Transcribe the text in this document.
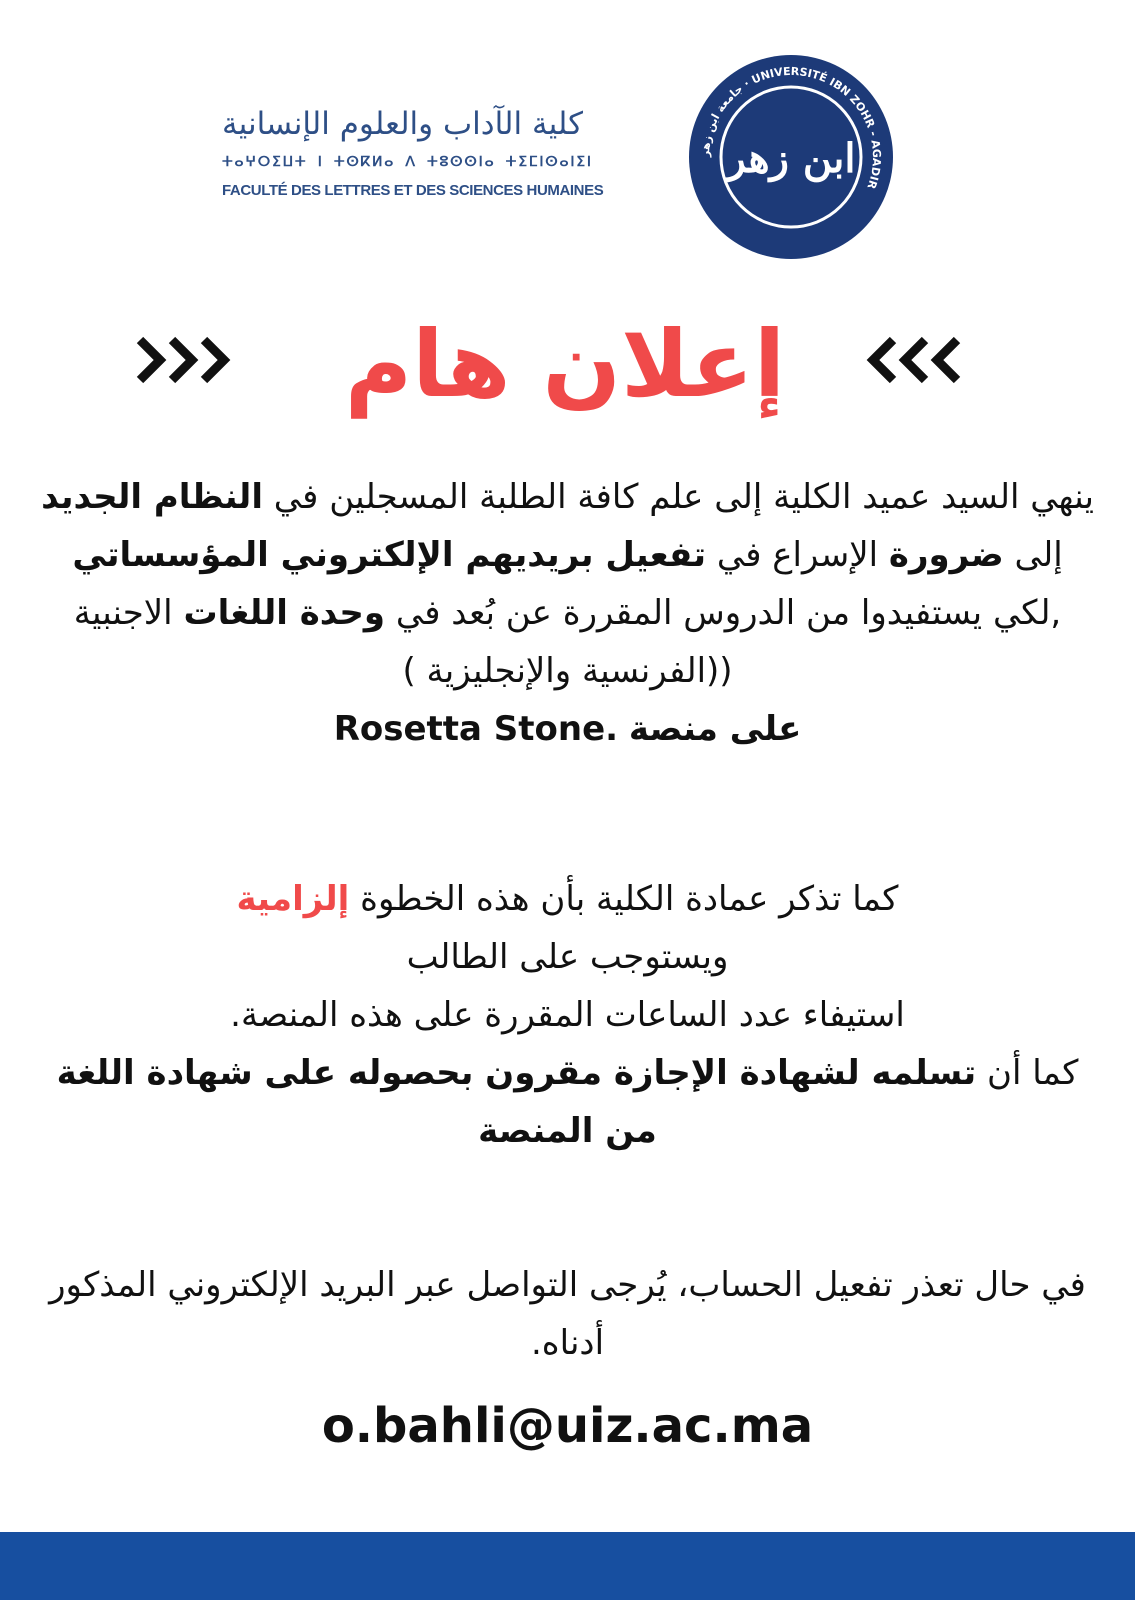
كلية الآداب والعلوم الإنسانية
ⵜⴰⵖⵔⵉⵡⵜ ⵏ ⵜⵙⴽⵍⴰ ⴷ ⵜⵓⵙⵙⵏⴰ ⵜⵉⵎⵏⵙⴰⵏⵉⵏ
FACULTÉ DES LETTRES ET DES SCIENCES HUMAINES
جامعة ابن زهر · UNIVERSITÉ IBN ZOHR - AGADIR
ابن زهر
إعلان هام
ينهي السيد عميد الكلية إلى علم كافة الطلبة المسجلين في النظام الجديد إلى ضرورة الإسراع في تفعيل بريديهم الإلكتروني المؤسساتي ,لكي يستفيدوا من الدروس المقررة عن بُعد في وحدة اللغات الاجنبية ((الفرنسية والإنجليزية )
على منصة Rosetta Stone.
كما تذكر عمادة الكلية بأن هذه الخطوة إلزامية
ويستوجب على الطالب
استيفاء عدد الساعات المقررة على هذه المنصة.
كما أن تسلمه لشهادة الإجازة مقرون بحصوله على شهادة اللغة من المنصة
في حال تعذر تفعيل الحساب، يُرجى التواصل عبر البريد الإلكتروني المذكور أدناه.
o.bahli@uiz.ac.ma
